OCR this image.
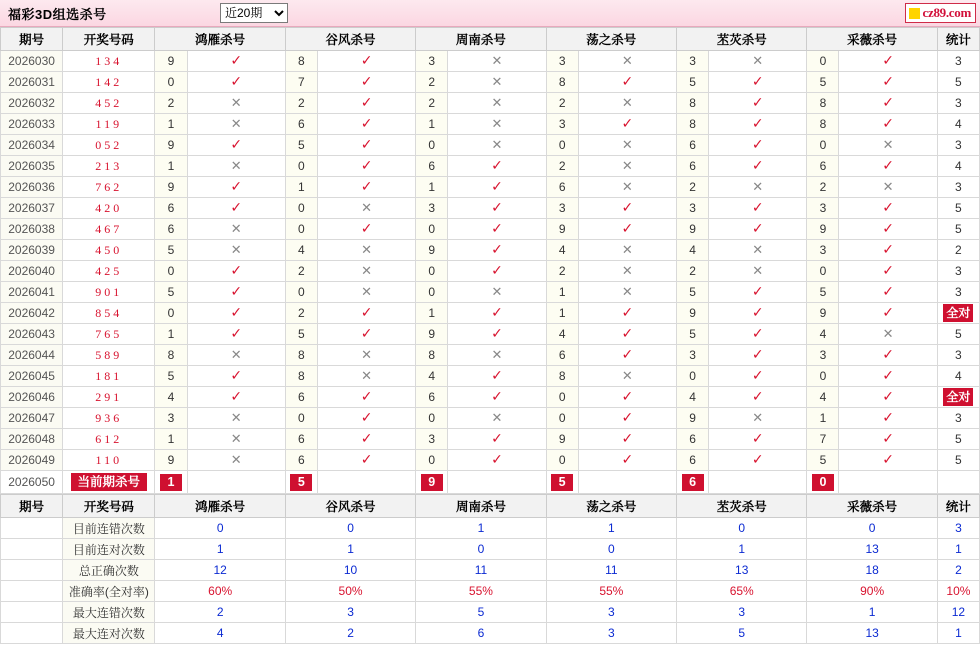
福彩3D组选杀号
近20期	cz89.com
期号	开奖号码	鸿雁杀号		谷风杀号		周南杀号		荡之杀号		苤苂杀号		采薇杀号		统计
2026030	134	9	✓	8	✓	3	✕	3	✕	3	✕	0	✓	3
2026031	142	0	✓	7	✓	2	✕	8	✓	5	✓	5	✓	5
2026032	452	2	✕	2	✓	2	✕	2	✕	8	✓	8	✓	3
2026033	119	1	✕	6	✓	1	✕	3	✓	8	✓	8	✓	4
2026034	052	9	✓	5	✓	0	✕	0	✕	6	✓	0	✕	3
2026035	213	1	✕	0	✓	6	✓	2	✕	6	✓	6	✓	4
2026036	762	9	✓	1	✓	1	✓	6	✕	2	✕	2	✕	3
2026037	420	6	✓	0	✕	3	✓	3	✓	3	✓	3	✓	5
2026038	467	6	✕	0	✓	0	✓	9	✓	9	✓	9	✓	5
2026039	450	5	✕	4	✕	9	✓	4	✕	4	✕	3	✓	2
2026040	425	0	✓	2	✕	0	✓	2	✕	2	✕	0	✓	3
2026041	901	5	✓	0	✕	0	✕	1	✕	5	✓	5	✓	3
2026042	854	0	✓	2	✓	1	✓	1	✓	9	✓	9	✓	全对
2026043	765	1	✓	5	✓	9	✓	4	✓	5	✓	4	✕	5
2026044	589	8	✕	8	✕	8	✕	6	✓	3	✓	3	✓	3
2026045	181	5	✓	8	✕	4	✓	8	✕	0	✓	0	✓	4
2026046	291	4	✓	6	✓	6	✓	0	✓	4	✓	4	✓	全对
2026047	936	3	✕	0	✓	0	✕	0	✓	9	✕	1	✓	3
2026048	612	1	✕	6	✓	3	✓	9	✓	6	✓	7	✓	5
2026049	110	9	✕	6	✓	0	✓	0	✓	6	✓	5	✓	5
2026050	当前期杀号	1		5		9		5		6		0		
期号	开奖号码	鸿雁杀号	谷风杀号	周南杀号	荡之杀号	苤苂杀号	采薇杀号	统计
	目前连错次数	0	0	1	1	0	0	3
	目前连对次数	1	1	0	0	1	13	1
	总正确次数	12	10	11	11	13	18	2
	准确率(全对率)	60%	50%	55%	55%	65%	90%	10%
	最大连错次数	2	3	5	3	3	1	12
	最大连对次数	4	2	6	3	5	13	1
